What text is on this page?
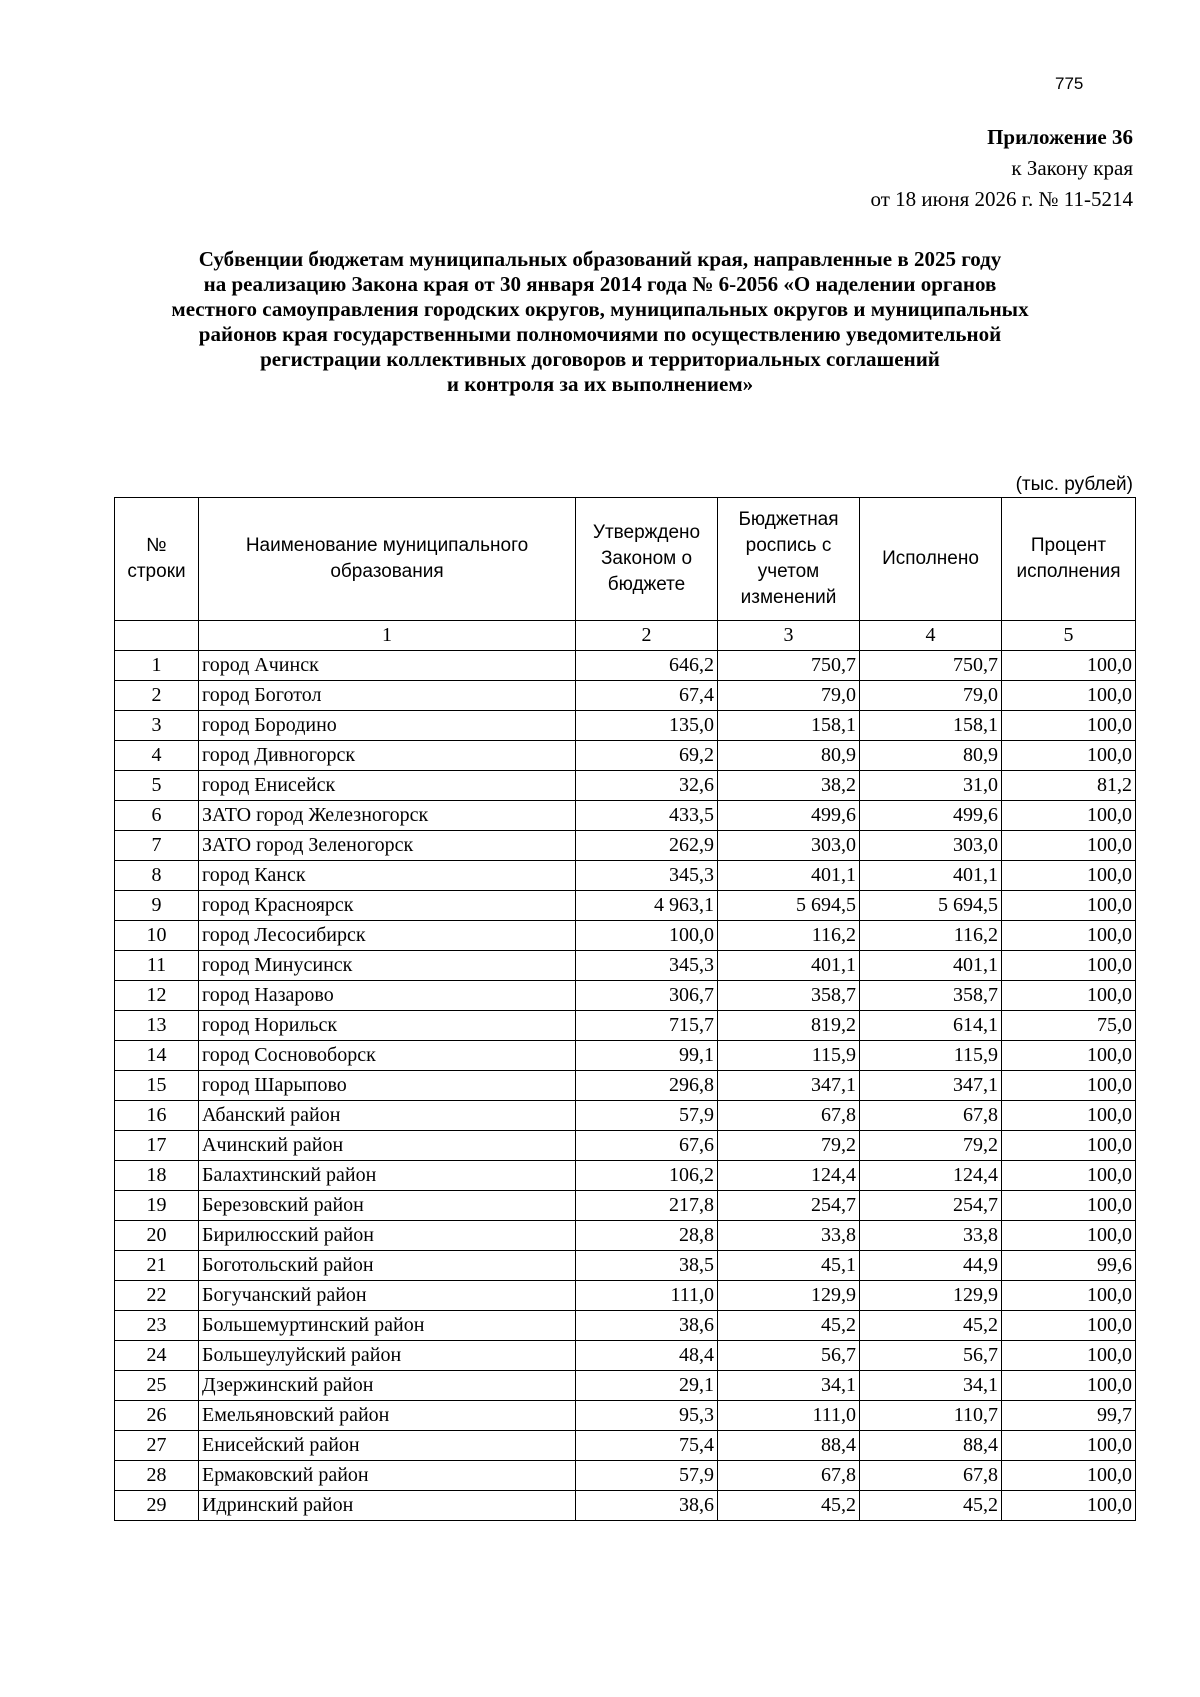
775
Приложение 36
к Закону края
от 18 июня 2026 г. № 11-5214
Субвенции бюджетам муниципальных образований края, направленные в 2025 году
на реализацию Закона края от 30 января 2014 года № 6-2056 «О наделении органов
местного самоуправления городских округов, муниципальных округов и муниципальных
районов края государственными полномочиями по осуществлению уведомительной
регистрации коллективных договоров и территориальных соглашений
и контроля за их выполнением»
(тыс. рублей)
№ строки	Наименование муниципального образования	Утверждено Законом о бюджете	Бюджетная роспись с учетом изменений	Исполнено	Процент исполнения
	1	2	3	4	5
1	город Ачинск	646,2	750,7	750,7	100,0
2	город Боготол	67,4	79,0	79,0	100,0
3	город Бородино	135,0	158,1	158,1	100,0
4	город Дивногорск	69,2	80,9	80,9	100,0
5	город Енисейск	32,6	38,2	31,0	81,2
6	ЗАТО город Железногорск	433,5	499,6	499,6	100,0
7	ЗАТО город Зеленогорск	262,9	303,0	303,0	100,0
8	город Канск	345,3	401,1	401,1	100,0
9	город Красноярск	4 963,1	5 694,5	5 694,5	100,0
10	город Лесосибирск	100,0	116,2	116,2	100,0
11	город Минусинск	345,3	401,1	401,1	100,0
12	город Назарово	306,7	358,7	358,7	100,0
13	город Норильск	715,7	819,2	614,1	75,0
14	город Сосновоборск	99,1	115,9	115,9	100,0
15	город Шарыпово	296,8	347,1	347,1	100,0
16	Абанский район	57,9	67,8	67,8	100,0
17	Ачинский район	67,6	79,2	79,2	100,0
18	Балахтинский район	106,2	124,4	124,4	100,0
19	Березовский район	217,8	254,7	254,7	100,0
20	Бирилюсский район	28,8	33,8	33,8	100,0
21	Боготольский район	38,5	45,1	44,9	99,6
22	Богучанский район	111,0	129,9	129,9	100,0
23	Большемуртинский район	38,6	45,2	45,2	100,0
24	Большеулуйский район	48,4	56,7	56,7	100,0
25	Дзержинский район	29,1	34,1	34,1	100,0
26	Емельяновский район	95,3	111,0	110,7	99,7
27	Енисейский район	75,4	88,4	88,4	100,0
28	Ермаковский район	57,9	67,8	67,8	100,0
29	Идринский район	38,6	45,2	45,2	100,0
